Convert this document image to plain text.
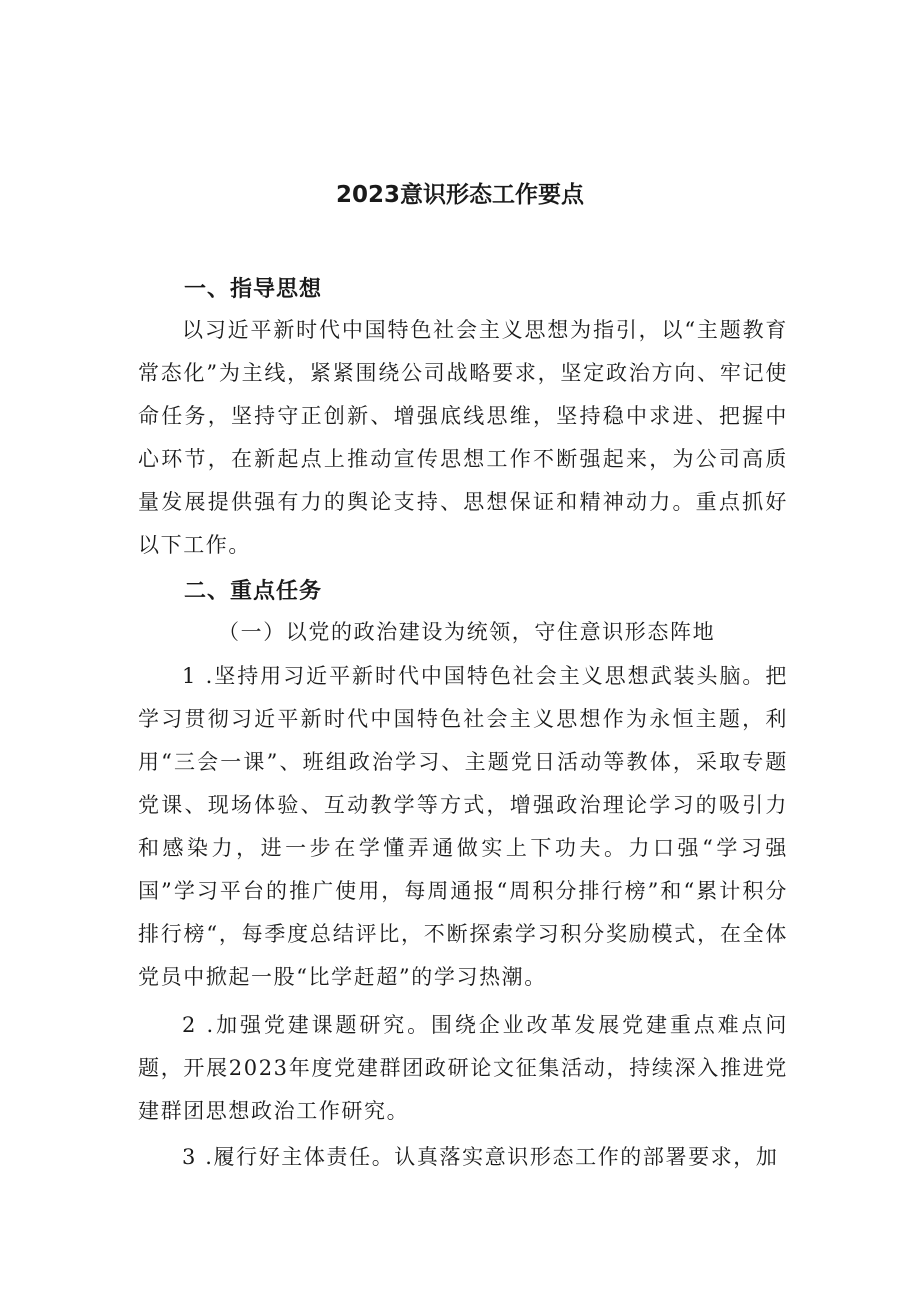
2023意识形态工作要点
一、指导思想

以习近平新时代中国特色社会主义思想为指引，以“主题教育常态化”为主线，紧紧围绕公司战略要求，坚定政治方向、牢记使命任务，坚持守正创新、增强底线思维，坚持稳中求进、把握中心环节，在新起点上推动宣传思想工作不断强起来，为公司高质量发展提供强有力的舆论支持、思想保证和精神动力。重点抓好以下工作。

二、重点任务

（一）以党的政治建设为统领，守住意识形态阵地

1 .坚持用习近平新时代中国特色社会主义思想武装头脑。把学习贯彻习近平新时代中国特色社会主义思想作为永恒主题，利用“三会一课”、班组政治学习、主题党日活动等教体，采取专题党课、现场体验、互动教学等方式，增强政治理论学习的吸引力和感染力，进一步在学懂弄通做实上下功夫。力口强“学习强国”学习平台的推广使用，每周通报“周积分排行榜”和“累计积分排行榜“，每季度总结评比，不断探索学习积分奖励模式，在全体党员中掀起一股“比学赶超”的学习热潮。

2 .加强党建课题研究。围绕企业改革发展党建重点难点问题，开展2023年度党建群团政研论文征集活动，持续深入推进党建群团思想政治工作研究。

3 .履行好主体责任。认真落实意识形态工作的部署要求，加
